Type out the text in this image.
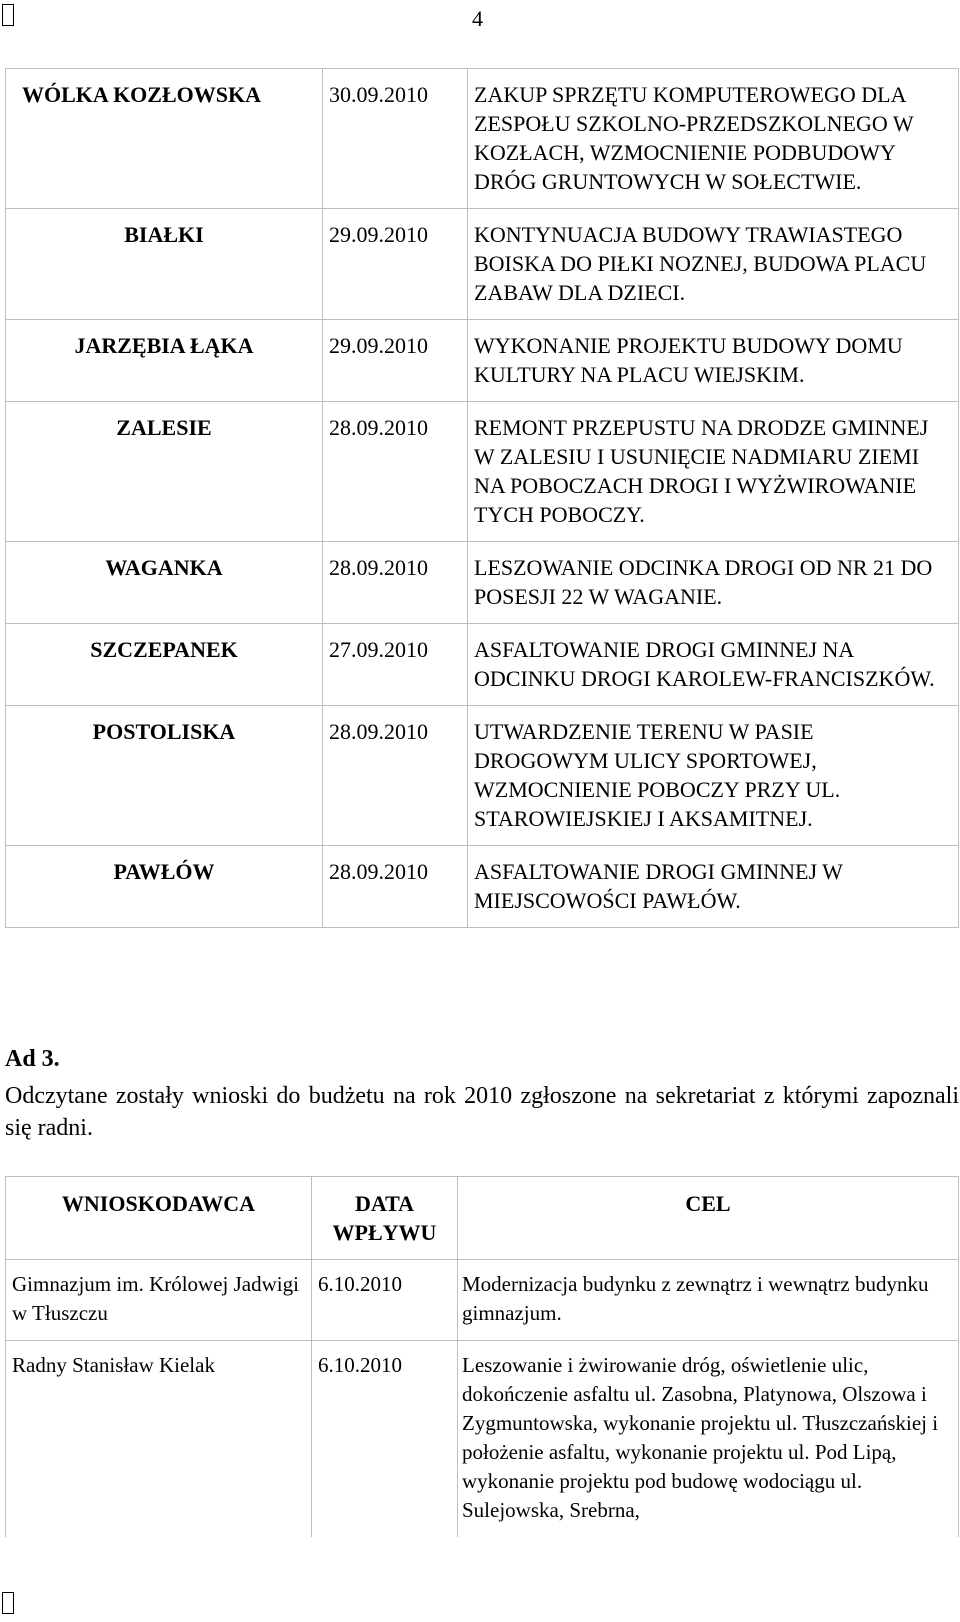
4
WÓLKA KOZŁOWSKA	30.09.2010	ZAKUP SPRZĘTU KOMPUTEROWEGO DLA ZESPOŁU SZKOLNO-PRZEDSZKOLNEGO W KOZŁACH, WZMOCNIENIE PODBUDOWY DRÓG GRUNTOWYCH W SOŁECTWIE.
BIAŁKI	29.09.2010	KONTYNUACJA BUDOWY TRAWIASTEGO BOISKA DO PIŁKI NOZNEJ, BUDOWA PLACU ZABAW DLA DZIECI.
JARZĘBIA ŁĄKA	29.09.2010	WYKONANIE PROJEKTU BUDOWY DOMU KULTURY NA PLACU WIEJSKIM.
ZALESIE	28.09.2010	REMONT PRZEPUSTU NA DRODZE GMINNEJ W ZALESIU I USUNIĘCIE NADMIARU ZIEMI NA POBOCZACH DROGI I WYŻWIROWANIE TYCH POBOCZY.
WAGANKA	28.09.2010	LESZOWANIE ODCINKA DROGI OD NR 21 DO POSESJI 22 W WAGANIE.
SZCZEPANEK	27.09.2010	ASFALTOWANIE DROGI GMINNEJ NA ODCINKU DROGI KAROLEW-FRANCISZKÓW.
POSTOLISKA	28.09.2010	UTWARDZENIE TERENU W PASIE DROGOWYM ULICY SPORTOWEJ, WZMOCNIENIE POBOCZY PRZY UL. STAROWIEJSKIEJ I AKSAMITNEJ.
PAWŁÓW	28.09.2010	ASFALTOWANIE DROGI GMINNEJ W MIEJSCOWOŚCI PAWŁÓW.
Ad 3.
Odczytane zostały wnioski do budżetu na rok 2010 zgłoszone na sekretariat z którymi zapoznali się radni.
WNIOSKODAWCA	DATA WPŁYWU	CEL
Gimnazjum im. Królowej Jadwigi w Tłuszczu	6.10.2010	Modernizacja budynku z zewnątrz i wewnątrz budynku gimnazjum.
Radny Stanisław Kielak	6.10.2010	Leszowanie i żwirowanie dróg, oświetlenie ulic, dokończenie asfaltu ul. Zasobna, Platynowa, Olszowa i Zygmuntowska, wykonanie projektu ul. Tłuszczańskiej i położenie asfaltu, wykonanie projektu ul. Pod Lipą, wykonanie projektu pod budowę wodociągu ul. Sulejowska, Srebrna,
